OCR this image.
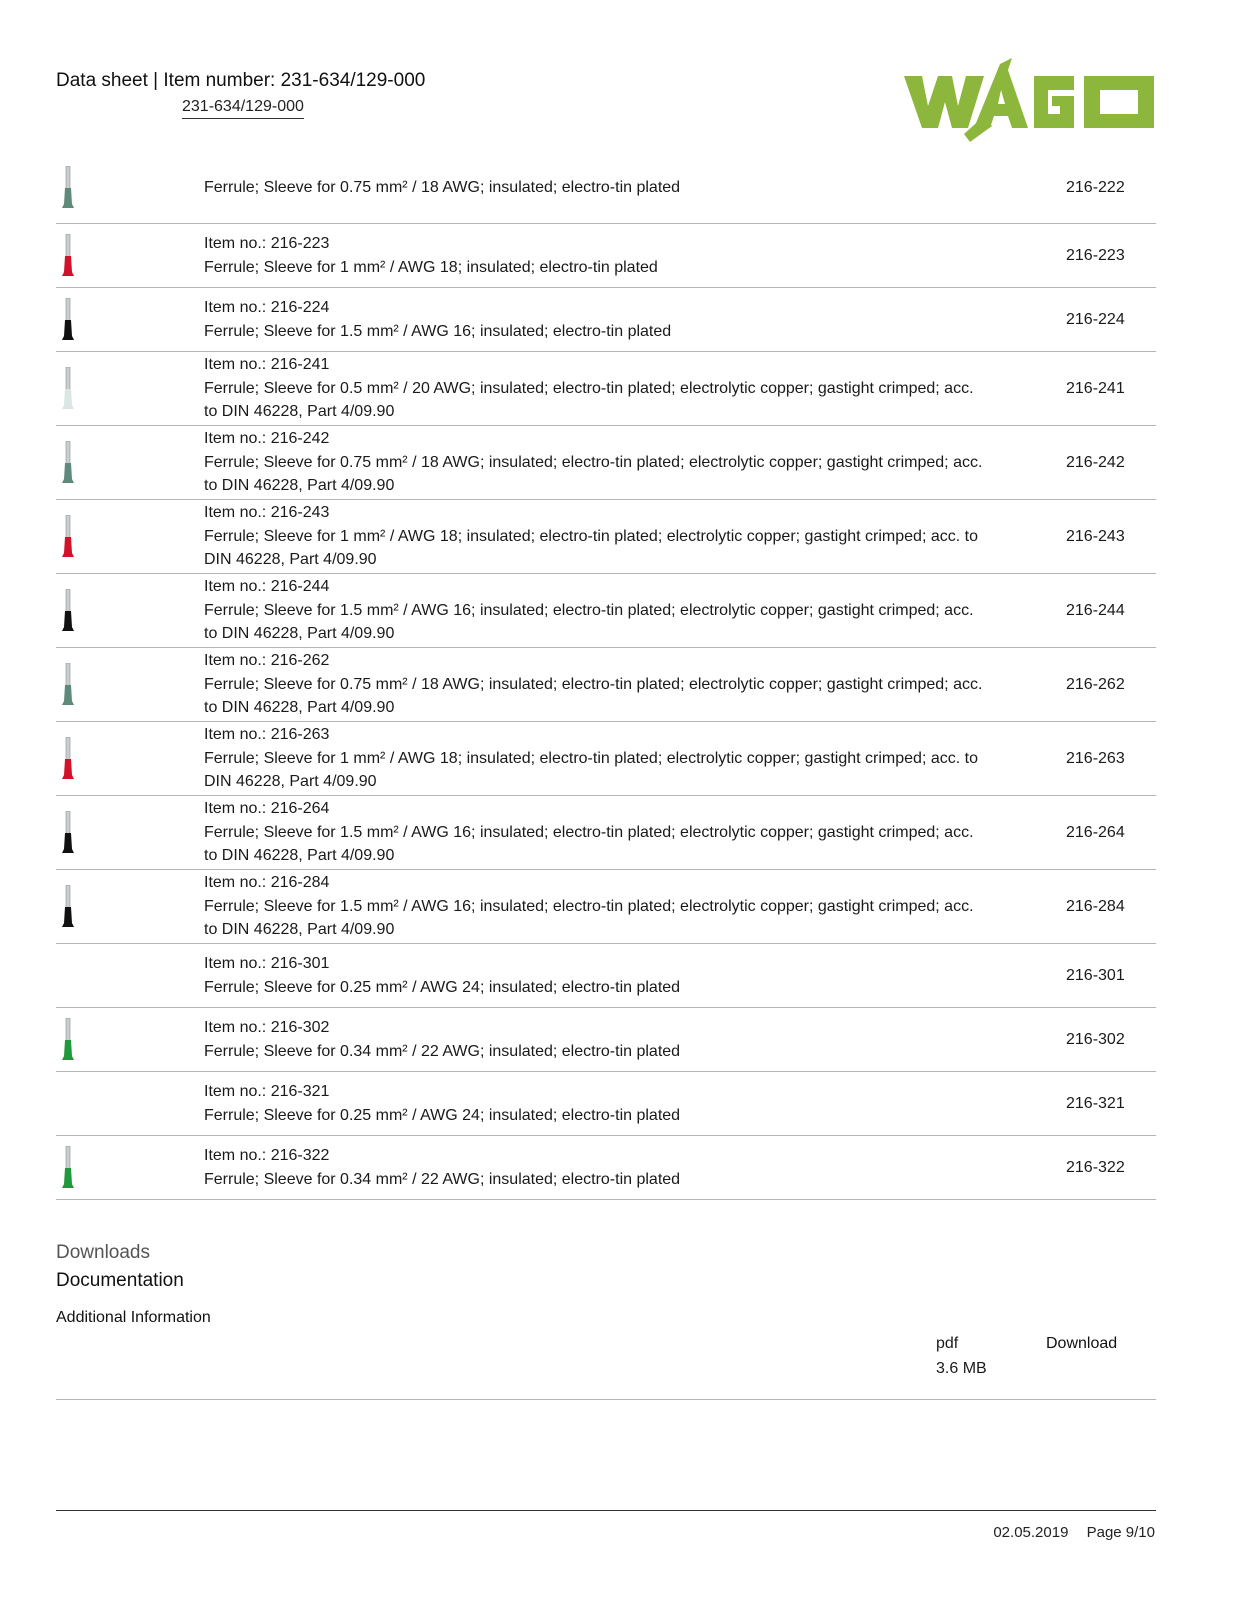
Data sheet | Item number: 231-634/129-000
231-634/129-000
Ferrule; Sleeve for 0.75 mm² / 18 AWG; insulated; electro-tin plated	216-222
Item no.: 216-223
Ferrule; Sleeve for 1 mm² / AWG 18; insulated; electro-tin plated
216-223
Item no.: 216-224
Ferrule; Sleeve for 1.5 mm² / AWG 16; insulated; electro-tin plated
216-224
Item no.: 216-241
Ferrule; Sleeve for 0.5 mm² / 20 AWG; insulated; electro-tin plated; electrolytic copper; gastight crimped; acc. to DIN 46228, Part 4/09.90
216-241
Item no.: 216-242
Ferrule; Sleeve for 0.75 mm² / 18 AWG; insulated; electro-tin plated; electrolytic copper; gastight crimped; acc. to DIN 46228, Part 4/09.90
216-242
Item no.: 216-243
Ferrule; Sleeve for 1 mm² / AWG 18; insulated; electro-tin plated; electrolytic copper; gastight crimped; acc. to DIN 46228, Part 4/09.90
216-243
Item no.: 216-244
Ferrule; Sleeve for 1.5 mm² / AWG 16; insulated; electro-tin plated; electrolytic copper; gastight crimped; acc. to DIN 46228, Part 4/09.90
216-244
Item no.: 216-262
Ferrule; Sleeve for 0.75 mm² / 18 AWG; insulated; electro-tin plated; electrolytic copper; gastight crimped; acc. to DIN 46228, Part 4/09.90
216-262
Item no.: 216-263
Ferrule; Sleeve for 1 mm² / AWG 18; insulated; electro-tin plated; electrolytic copper; gastight crimped; acc. to DIN 46228, Part 4/09.90
216-263
Item no.: 216-264
Ferrule; Sleeve for 1.5 mm² / AWG 16; insulated; electro-tin plated; electrolytic copper; gastight crimped; acc. to DIN 46228, Part 4/09.90
216-264
Item no.: 216-284
Ferrule; Sleeve for 1.5 mm² / AWG 16; insulated; electro-tin plated; electrolytic copper; gastight crimped; acc. to DIN 46228, Part 4/09.90
216-284
Item no.: 216-301
Ferrule; Sleeve for 0.25 mm² / AWG 24; insulated; electro-tin plated
216-301
Item no.: 216-302
Ferrule; Sleeve for 0.34 mm² / 22 AWG; insulated; electro-tin plated
216-302
Item no.: 216-321
Ferrule; Sleeve for 0.25 mm² / AWG 24; insulated; electro-tin plated
216-321
Item no.: 216-322
Ferrule; Sleeve for 0.34 mm² / 22 AWG; insulated; electro-tin plated
216-322
Downloads
Documentation
Additional Information
pdf
3.6 MB
Download
02.05.2019 Page 9/10
